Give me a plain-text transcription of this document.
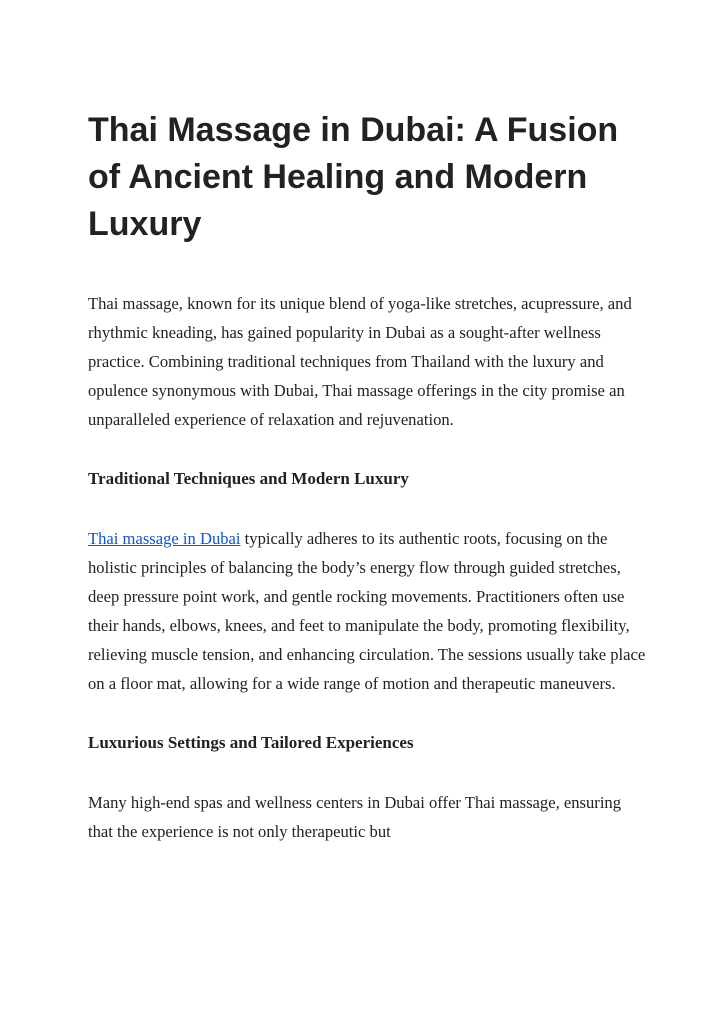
Thai Massage in Dubai: A Fusion of Ancient Healing and Modern Luxury

Thai massage, known for its unique blend of yoga-like stretches, acupressure, and rhythmic kneading, has gained popularity in Dubai as a sought-after wellness practice. Combining traditional techniques from Thailand with the luxury and opulence synonymous with Dubai, Thai massage offerings in the city promise an unparalleled experience of relaxation and rejuvenation.

Traditional Techniques and Modern Luxury

Thai massage in Dubai typically adheres to its authentic roots, focusing on the holistic principles of balancing the body’s energy flow through guided stretches, deep pressure point work, and gentle rocking movements. Practitioners often use their hands, elbows, knees, and feet to manipulate the body, promoting flexibility, relieving muscle tension, and enhancing circulation. The sessions usually take place on a floor mat, allowing for a wide range of motion and therapeutic maneuvers.

Luxurious Settings and Tailored Experiences

Many high-end spas and wellness centers in Dubai offer Thai massage, ensuring that the experience is not only therapeutic but
